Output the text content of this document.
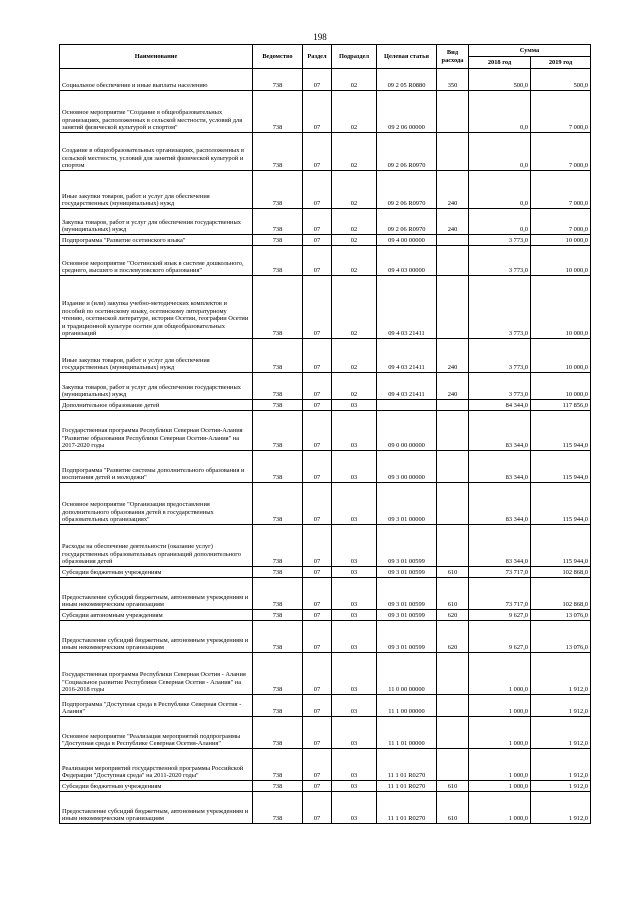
198
Наименование	Ведомство	Раздел	Подраздел	Целевая статья	Вид расхода	Сумма	
						2018 год	2019 год
Социальное обеспечение и иные выплаты населению	738	07	02	09 2 05 R0880	350	500,0	500,0
Основное мероприятие "Создание в общеобразовательных организациях, расположенных в сельской местности, условий для занятий физической культурой и спортом"	738	07	02	09 2 06 00000		0,0	7 000,0
Создание в общеобразовательных организациях, расположенных в сельской местности, условий для занятий физической культурой и спортом	738	07	02	09 2 06 R0970		0,0	7 000,0
Иные закупки товаров, работ и услуг для обеспечения государственных (муниципальных) нужд	738	07	02	09 2 06 R0970	240	0,0	7 000,0
Закупка товаров, работ и услуг для обеспечения государственных (муниципальных) нужд	738	07	02	09 2 06 R0970	240	0,0	7 000,0
Подпрограмма "Развитие осетинского языка"	738	07	02	09 4 00 00000		3 773,0	10 000,0
Основное мероприятие "Осетинский язык в системе дошкольного, среднего, высшего и послевузовского образования"	738	07	02	09 4 03 00000		3 773,0	10 000,0
Издание и (или) закупка учебно-методических комплектов и пособий по осетинскому языку, осетинскому литературному чтению, осетинской литературе, истории Осетии, географии Осетии и традиционной культуре осетин для общеобразовательных организаций	738	07	02	09 4 03 21411		3 773,0	10 000,0
Иные закупки товаров, работ и услуг для обеспечения государственных (муниципальных) нужд	738	07	02	09 4 03 21411	240	3 773,0	10 000,0
Закупка товаров, работ и услуг для обеспечения государственных (муниципальных) нужд	738	07	02	09 4 03 21411	240	3 773,0	10 000,0
Дополнительное образование детей	738	07	03			84 344,0	117 856,0
Государственная программа Республики Северная Осетия-Алания "Развитие образования Республики Северная Осетия-Алания" на 2017-2020 годы	738	07	03	09 0 00 00000		83 344,0	115 944,0
Подпрограмма "Развитие системы дополнительного образования и воспитания детей и молодежи"	738	07	03	09 3 00 00000		83 344,0	115 944,0
Основное мероприятие "Организация предоставления дополнительного образования детей в государственных образовательных организациях"	738	07	03	09 3 01 00000		83 344,0	115 944,0
Расходы на обеспечение деятельности (оказание услуг) государственных образовательных организаций дополнительного образования детей	738	07	03	09 3 01 00599		83 344,0	115 944,0
Субсидии бюджетным учреждениям	738	07	03	09 3 01 00599	610	73 717,0	102 868,0
Предоставление субсидий бюджетным, автономным учреждениям и иным некоммерческим организациям	738	07	03	09 3 01 00599	610	73 717,0	102 868,0
Субсидии автономным учреждениям	738	07	03	09 3 01 00599	620	9 627,0	13 076,0
Предоставление субсидий бюджетным, автономным учреждениям и иным некоммерческим организациям	738	07	03	09 3 01 00599	620	9 627,0	13 076,0
Государственная программа Республики Северная Осетия - Алания "Социальное развитие Республики Северная Осетия - Алания" на 2016-2018 годы	738	07	03	11 0 00 00000		1 000,0	1 912,0
Подпрограмма "Доступная среда в Республике Северная Осетия - Алания"	738	07	03	11 1 00 00000		1 000,0	1 912,0
Основное мероприятие "Реализация мероприятий подпрограммы "Доступная среда в Республике Северная Осетия-Алания"	738	07	03	11 1 01 00000		1 000,0	1 912,0
Реализация мероприятий государственной программы Российской Федерации "Доступная среда" на 2011-2020 годы"	738	07	03	11 1 01 R0270		1 000,0	1 912,0
Субсидии бюджетным учреждениям	738	07	03	11 1 01 R0270	610	1 000,0	1 912,0
Предоставление субсидий бюджетным, автономным учреждениям и иным некоммерческим организациям	738	07	03	11 1 01 R0270	610	1 000,0	1 912,0
